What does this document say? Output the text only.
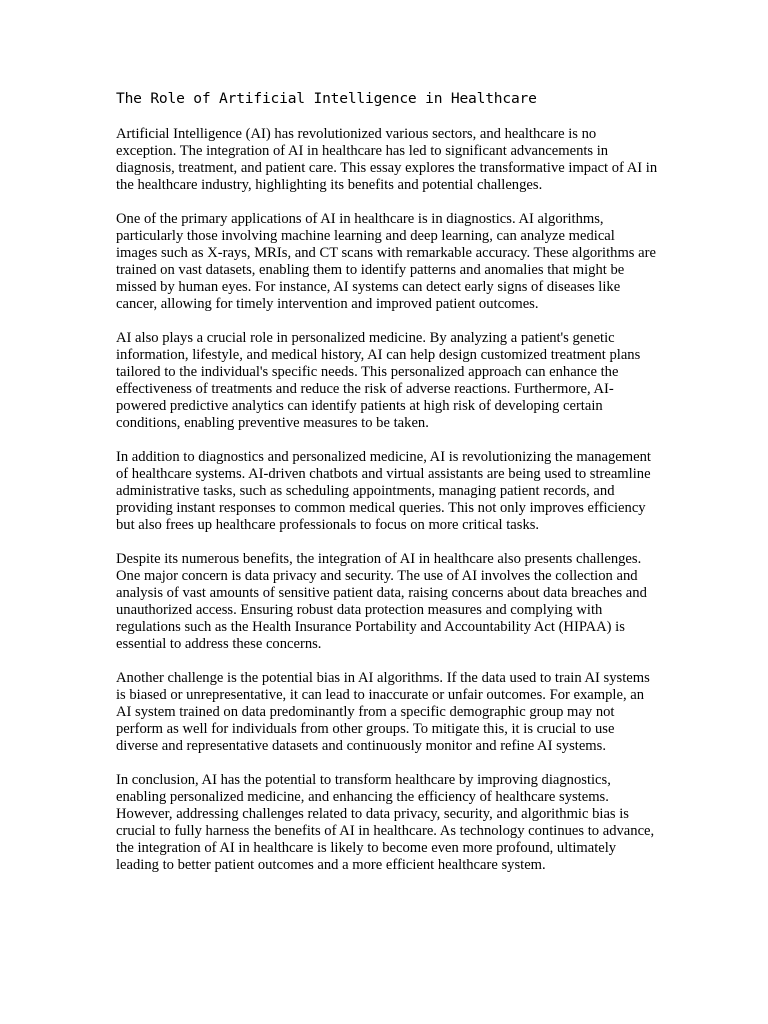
The Role of Artificial Intelligence in Healthcare

Artificial Intelligence (AI) has revolutionized various sectors, and healthcare is no exception. The integration of AI in healthcare has led to significant advancements in diagnosis, treatment, and patient care. This essay explores the transformative impact of AI in the healthcare industry, highlighting its benefits and potential challenges.

One of the primary applications of AI in healthcare is in diagnostics. AI algorithms, particularly those involving machine learning and deep learning, can analyze medical images such as X-rays, MRIs, and CT scans with remarkable accuracy. These algorithms are trained on vast datasets, enabling them to identify patterns and anomalies that might be missed by human eyes. For instance, AI systems can detect early signs of diseases like cancer, allowing for timely intervention and improved patient outcomes.

AI also plays a crucial role in personalized medicine. By analyzing a patient's genetic information, lifestyle, and medical history, AI can help design customized treatment plans tailored to the individual's specific needs. This personalized approach can enhance the effectiveness of treatments and reduce the risk of adverse reactions. Furthermore, AI-powered predictive analytics can identify patients at high risk of developing certain conditions, enabling preventive measures to be taken.

In addition to diagnostics and personalized medicine, AI is revolutionizing the management of healthcare systems. AI-driven chatbots and virtual assistants are being used to streamline administrative tasks, such as scheduling appointments, managing patient records, and providing instant responses to common medical queries. This not only improves efficiency but also frees up healthcare professionals to focus on more critical tasks.

Despite its numerous benefits, the integration of AI in healthcare also presents challenges. One major concern is data privacy and security. The use of AI involves the collection and analysis of vast amounts of sensitive patient data, raising concerns about data breaches and unauthorized access. Ensuring robust data protection measures and complying with regulations such as the Health Insurance Portability and Accountability Act (HIPAA) is essential to address these concerns.

Another challenge is the potential bias in AI algorithms. If the data used to train AI systems is biased or unrepresentative, it can lead to inaccurate or unfair outcomes. For example, an AI system trained on data predominantly from a specific demographic group may not perform as well for individuals from other groups. To mitigate this, it is crucial to use diverse and representative datasets and continuously monitor and refine AI systems.

In conclusion, AI has the potential to transform healthcare by improving diagnostics, enabling personalized medicine, and enhancing the efficiency of healthcare systems. However, addressing challenges related to data privacy, security, and algorithmic bias is crucial to fully harness the benefits of AI in healthcare. As technology continues to advance, the integration of AI in healthcare is likely to become even more profound, ultimately leading to better patient outcomes and a more efficient healthcare system.
